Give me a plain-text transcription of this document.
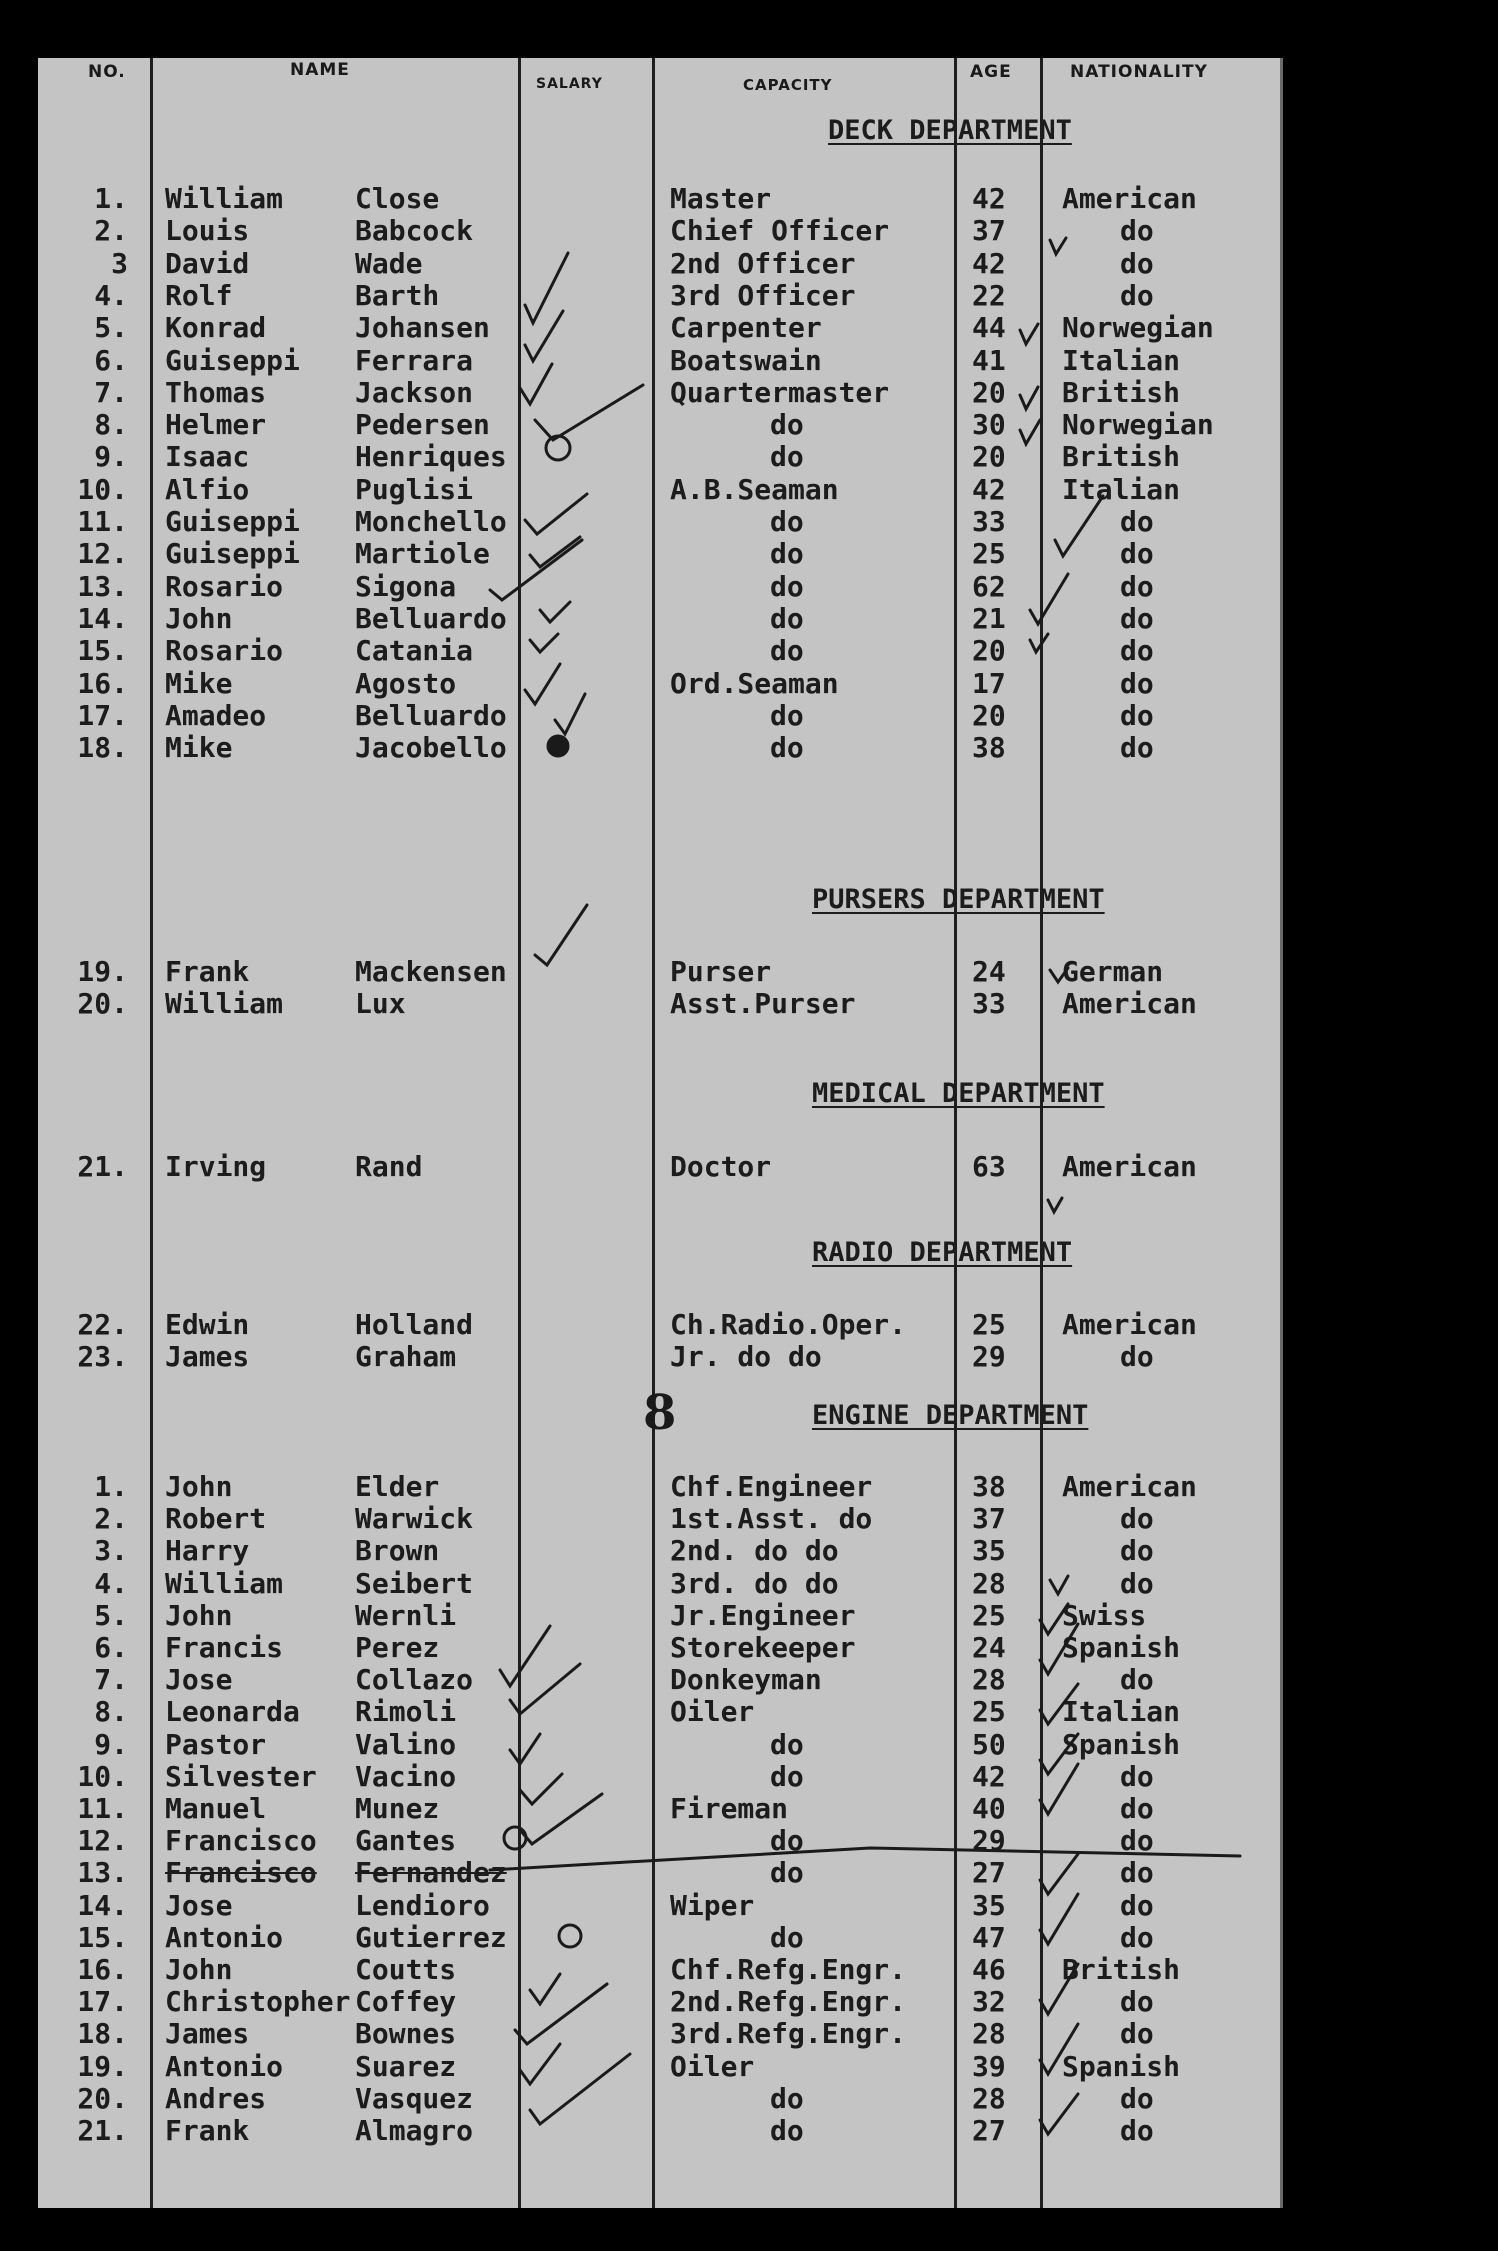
NO.	NAME
SALARY	CAPACITY
AGE	NATIONALITY
DECK DEPARTMENT
1. William	Close	Master	42 American
2. Louis	Babcock	Chief Officer	37	do
3 David	Wade	2nd Officer	42	do
4. Rolf	Barth	3rd Officer	22	do
5. Konrad	Johansen	Carpenter	44 Norwegian
6. Guiseppi Ferrara	Boatswain	41 Italian
7. Thomas	Jackson	Quartermaster	20 British
8. Helmer	Pedersen	do	30 Norwegian
9. Isaac	Henriques	do	20 British
10. Alfio	Puglisi	A.B.Seaman	42 Italian
11. Guiseppi Monchello	do	33	do
12. Guiseppi Martiole	do	25	do
13. Rosario	Sigona	do	62	do
14. John	Belluardo	do	21	do
15. Rosario	Catania	do	20	do
16. Mike	Agosto	Ord.Seaman	17	do
17. Amadeo	Belluardo	do	20	do
18. Mike	Jacobello	do	38	do
PURSERS DEPARTMENT
19. Frank	Mackensen	Purser	24 German
20. William	Lux	Asst.Purser	33 American
MEDICAL DEPARTMENT
21. Irving	Rand	Doctor	63 American
RADIO DEPARTMENT
22. Edwin	Holland	Ch.Radio.Oper. 25 American
23. James	Graham	Jr. do do	29	do
ENGINE DEPARTMENT
1. John	Elder	Chf.Engineer	38 American
2. Robert	Warwick	1st.Asst. do	37	do
3. Harry	Brown	2nd. do do	35	do
4. William	Seibert	3rd. do do	28	do
5. John	Wernli	Jr.Engineer	25 Swiss
6. Francis	Perez	Storekeeper	24 Spanish
7. Jose	Collazo	Donkeyman	28	do
8. Leonarda Rimoli	Oiler	25 Italian
9. Pastor	Valino	do	50 Spanish
10. Silvester Vacino	do	42	do
11. Manuel	Munez	Fireman	40	do
12. Francisco Gantes	do	29	do
13. Francisco Fernandez	do	27	do
14. Jose	Lendioro	Wiper	35	do
15. Antonio	Gutierrez	do	47	do
16. John	Coutts	Chf.Refg.Engr. 46 British
17. Christopher Coffey	2nd.Refg.Engr. 32	do
18. James	Bownes	3rd.Refg.Engr. 28	do
19. Antonio	Suarez	Oiler	39 Spanish
20. Andres	Vasquez	do	28	do
21. Frank	Almagro	do	27	do
8
